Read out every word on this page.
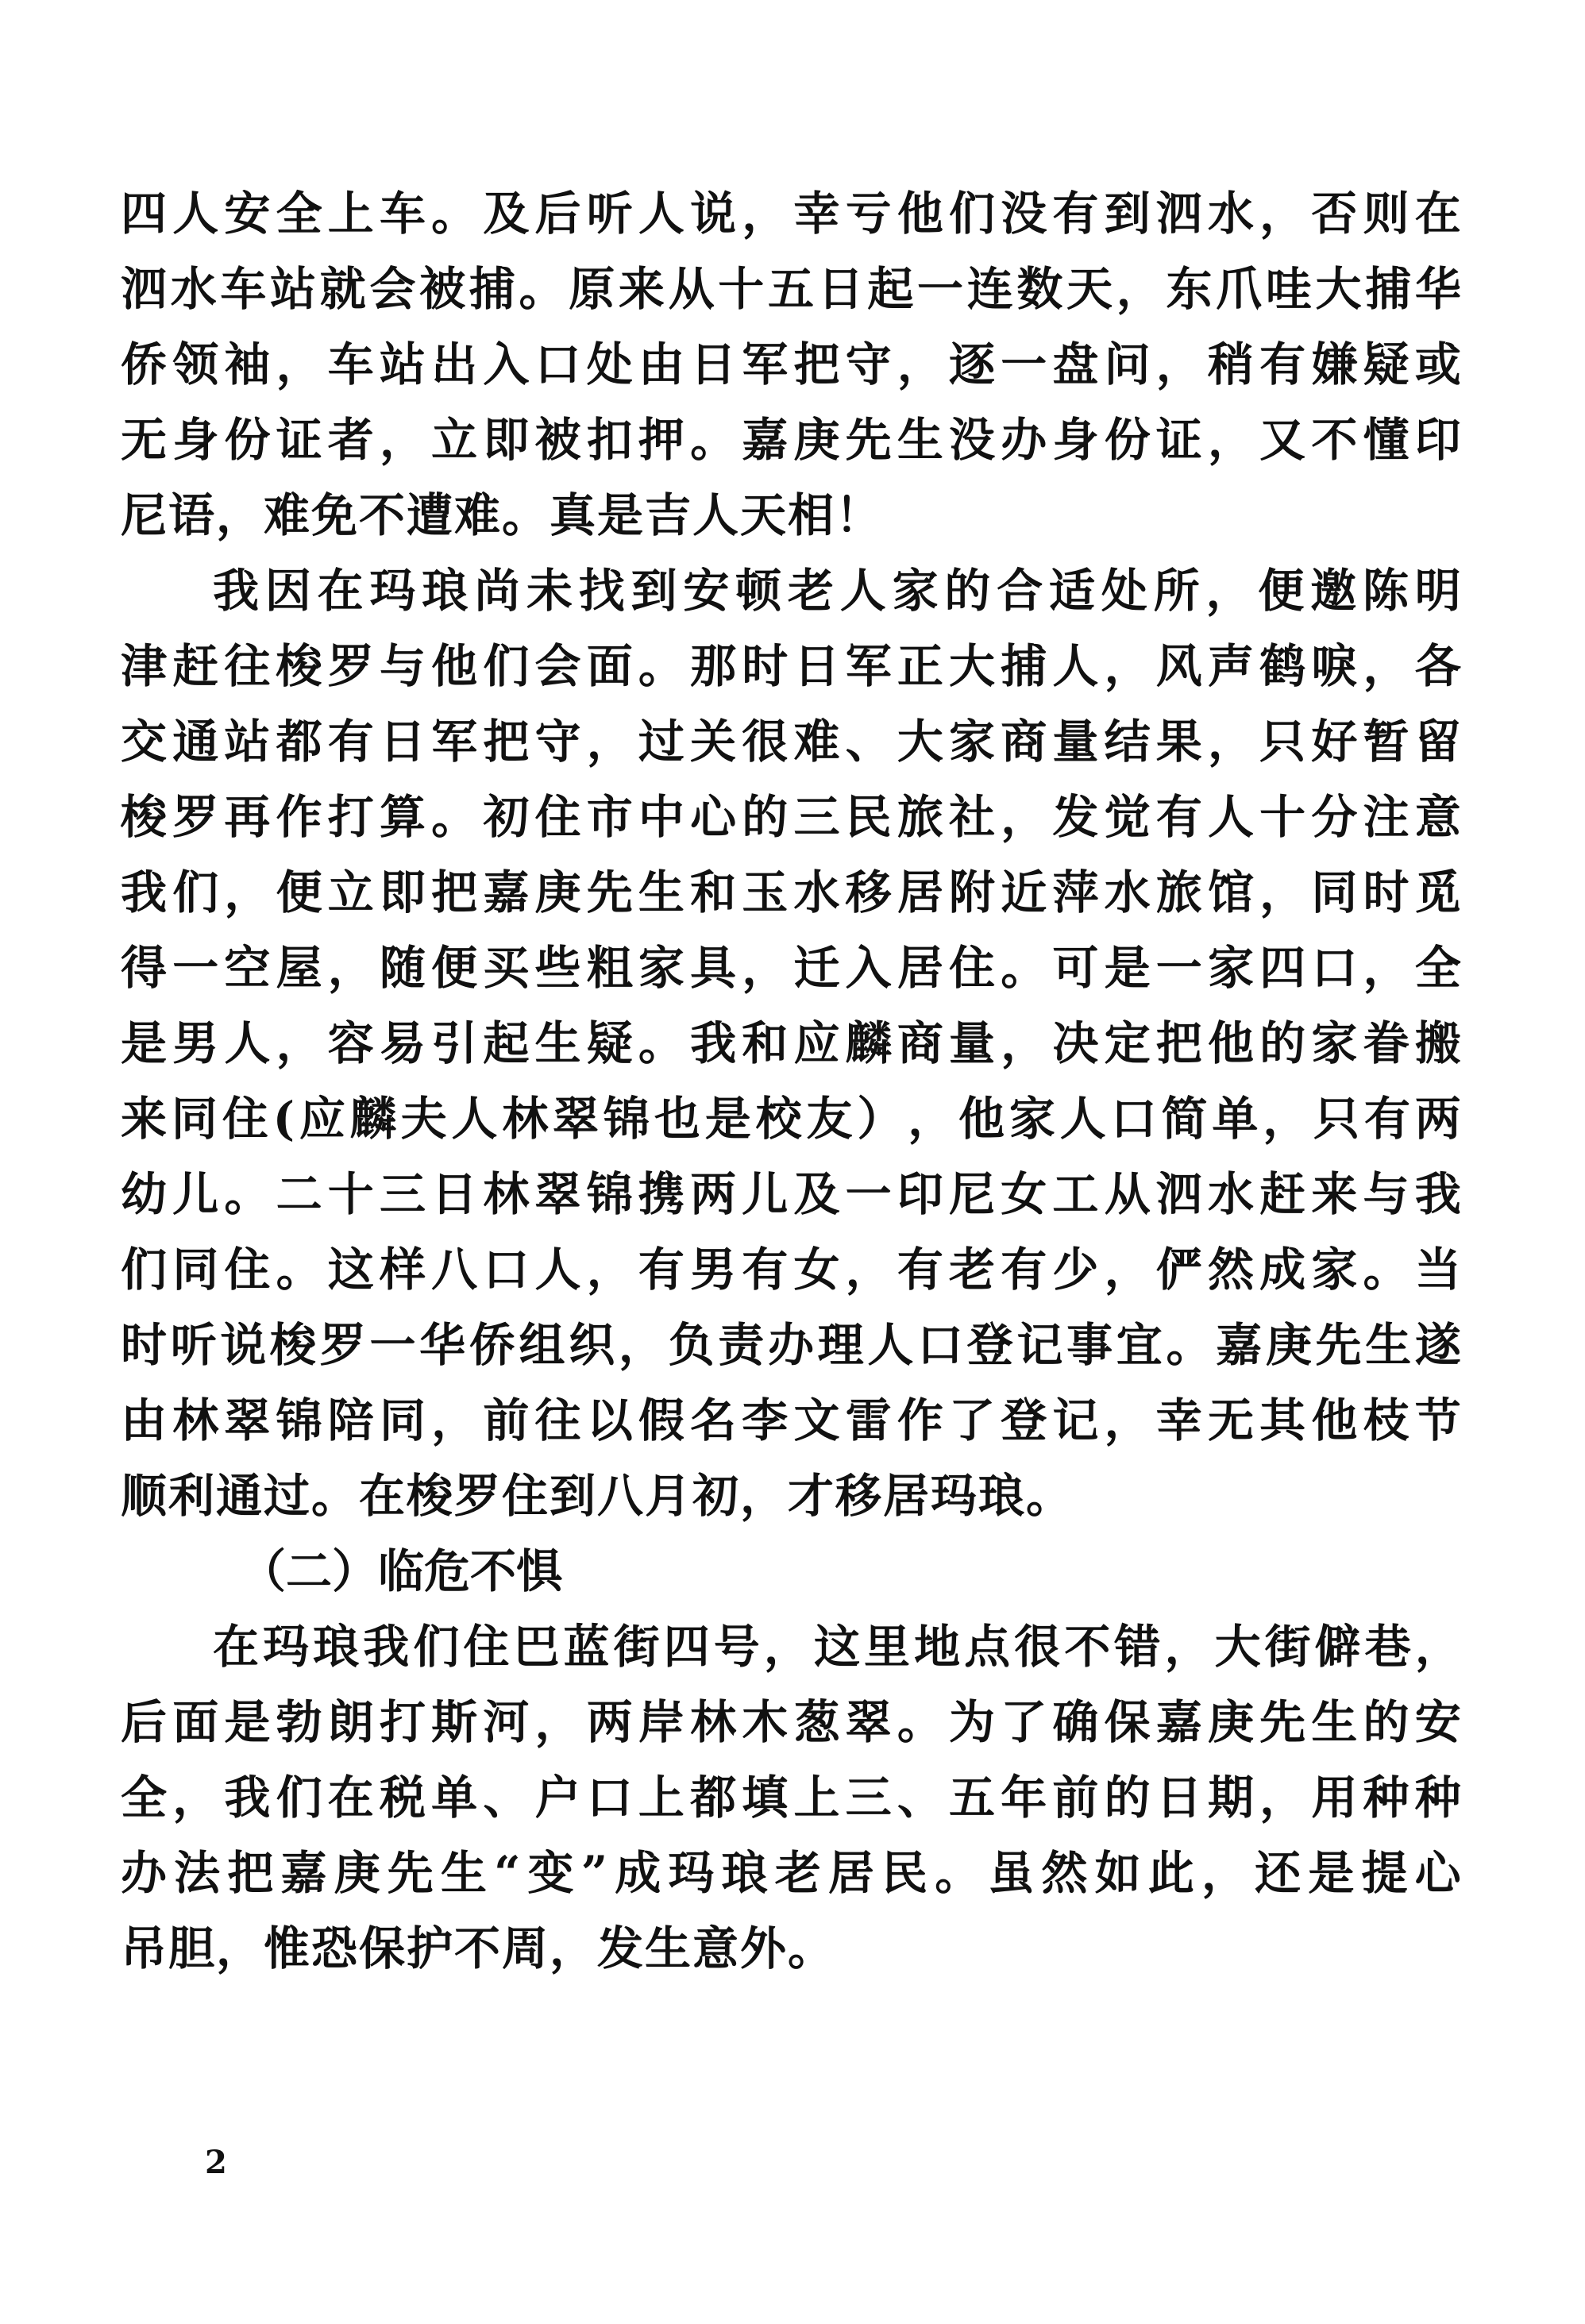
四 人 安 全 上 车 。 及 后 听 人 说 ， 幸 亏 他 们 没 有 到 泗 水 ， 否 则 在
泗 水 车 站 就 会 被 捕 。 原 来 从 十 五 日 起 一 连 数 天 ， 东 爪 哇 大 捕 华
侨 领 袖 ， 车 站 出 入 口 处 由 日 军 把 守 ， 逐 一 盘 问 ， 稍 有 嫌 疑 或
无 身 份 证 者 ， 立 即 被 扣 押 。 嘉 庚 先 生 没 办 身 份 证 ， 又 不 懂 印
尼语，难免不遭难。真是吉人天相！
我 因 在 玛 琅 尚 未 找 到 安 顿 老 人 家 的 合 适 处 所 ， 便 邀 陈 明
津 赶 往 梭 罗 与 他 们 会 面 。 那 时 日 军 正 大 捕 人 ， 风 声 鹤 唳 ， 各
交 通 站 都 有 日 军 把 守 ， 过 关 很 难 、 大 家 商 量 结 果 ， 只 好 暂 留
梭 罗 再 作 打 算 。 初 住 市 中 心 的 三 民 旅 社 ， 发 觉 有 人 十 分 注 意
我 们 ， 便 立 即 把 嘉 庚 先 生 和 玉 水 移 居 附 近 萍 水 旅 馆 ， 同 时 觅
得 一 空 屋 ， 随 便 买 些 粗 家 具 ， 迁 入 居 住 。 可 是 一 家 四 口 ， 全
是 男 人 ， 容 易 引 起 生 疑 。 我 和 应 麟 商 量 ， 决 定 把 他 的 家 眷 搬
来 同 住 ( 应 麟 夫 人 林 翠 锦 也 是 校 友 ） ， 他 家 人 口 简 单 ， 只 有 两
幼 儿 。 二 十 三 日 林 翠 锦 携 两 儿 及 一 印 尼 女 工 从 泗 水 赶 来 与 我
们 同 住 。 这 样 八 口 人 ， 有 男 有 女 ， 有 老 有 少 ， 俨 然 成 家 。 当
时 听 说 梭 罗 一 华 侨 组 织 ， 负 责 办 理 人 口 登 记 事 宜 。 嘉 庚 先 生 遂
由 林 翠 锦 陪 同 ， 前 往 以 假 名 李 文 雷 作 了 登 记 ， 幸 无 其 他 枝 节
顺利通过。在梭罗住到八月初，才移居玛琅。
（二）临危不惧
在 玛 琅 我 们 住 巴 蓝 街 四 号 ， 这 里 地 点 很 不 错 ， 大 街 僻 巷 ，
后 面 是 勃 朗 打 斯 河 ， 两 岸 林 木 葱 翠 。 为 了 确 保 嘉 庚 先 生 的 安
全 ， 我 们 在 税 单 、 户 口 上 都 填 上 三 、 五 年 前 的 日 期 ， 用 种 种
办 法 把 嘉 庚 先 生 “ 变 ” 成 玛 琅 老 居 民 。 虽 然 如 此 ， 还 是 提 心
吊胆，惟恐保护不周，发生意外。
2
